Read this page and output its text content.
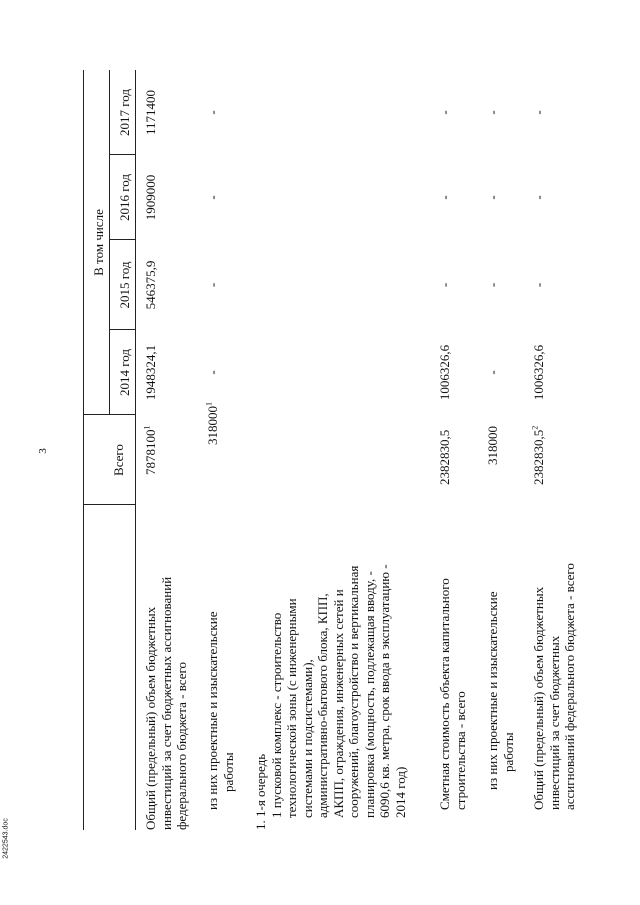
3
2422543.doc
Всего
В том числе
2014 год
2015 год
2016 год
2017 год
Общий (предельный) объем бюджетных инвестиций за счет бюджетных ассигнований федерального бюджета - всего
7878100$^1$
1948324,1
546375,9
1909000
1171400
из них проектные и изыскательские работы
318000$^1$
-
-
-
-
1. 1-я очередь 1 пусковой комплекс - строительство технологической зоны (с инженерными системами и подсистемами), административно-бытового блока, КПП, АКПП, ограждения, инженерных сетей и сооружений, благоустройство и вертикальная планировка (мощность, подлежащая вводу, - 6090,6 кв. метра, срок ввода в эксплуатацию - 2014 год) Сметная стоимость объекта капитального строительства - всего
2382830,5
1006326,6
-
-
-
из них проектные и изыскательские работы
318000
-
-
-
-
Общий (предельный) объем бюджетных инвестиций за счет бюджетных ассигнований федерального бюджета - всего
2382830,5$^2$
1006326,6
-
-
-
